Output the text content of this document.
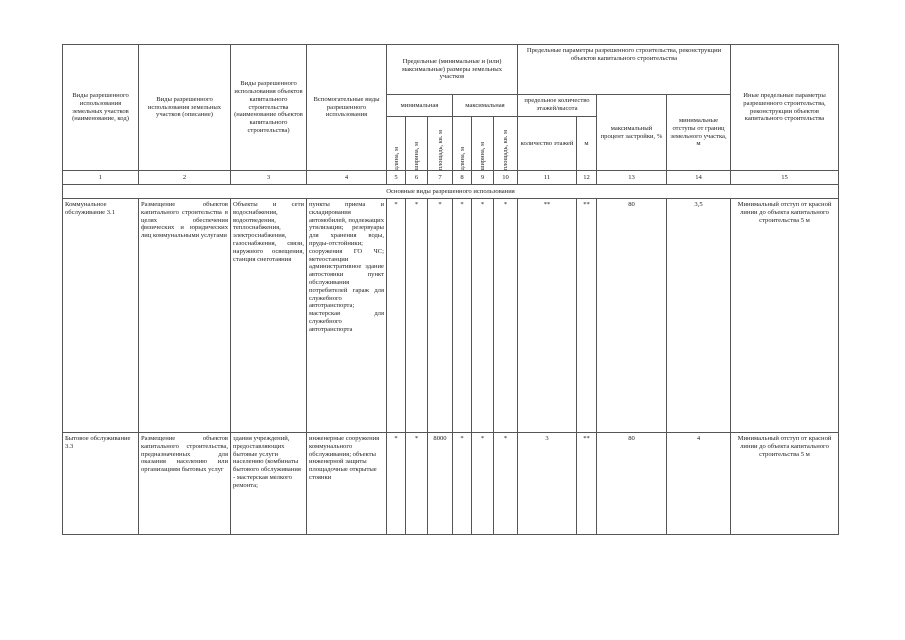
Виды разрешенного использования земельных участков (наименование, код)	Виды разрешенного использования земельных участков (описание)	Виды разрешенного использования объектов капитального строительства (наименование объектов капитального строительства)	Вспомогательные виды разрешенного использования	Предельные (минимальные и (или) максимальные) размеры земельных участков						Предельные параметры разрешенного строительства, реконструкции объектов капитального строительства				Иные предельные параметры разрешенного строительства, реконструкции объектов капитального строительства
				минимальная			максимальная			предельное количество этажей/высота		максимальный процент застройки, %	минимальные отступы от границ земельного участка, м	

				длина, м	ширина, м	площадь, кв. м	длина, м	ширина, м	площадь, кв. м	количество этажей	м			
1	2	3	4	5	6	7	8	9	10	11	12	13	14	15
Основные виды разрешенного использования														
Коммунальное обслуживание 3.1	Размещение объектов капитального строительства в целях обеспечения физических и юридических лиц коммунальными услугами	Объекты и сети водоснабжения, водоотведения, теплоснабжения, электроснабжения, газоснабжения, связи, наружного освещения, станция снеготаяния	пункты приема и складирования автомобилей, подлежащих утилизации; резервуары для хранения воды, пруды-отстойники; сооружения ГО ЧС; метеостанции административное здание автостоянки пункт обслуживания потребителей гараж для служебного автотранспорта; мастерская для служебного автотранспорта	*	*	*	*	*	*	**	**	80	3,5	Минимальный отступ от красной линии до объекта капитального строительства 5 м
Бытовое обслуживание 3.3	Размещение объектов капитального строительства, предназначенных для оказания населению или организациям бытовых услуг	здания учреждений, предоставляющих бытовые услуги населению (комбинаты бытового обслуживания - мастерская мелкого ремонта;	инженерные сооружения коммунального обслуживания; объекты инженерной защиты площадочные открытые стоянки	*	*	8000	*	*	*	3	**	80	4	Минимальный отступ от красной линии до объекта капитального строительства 5 м
